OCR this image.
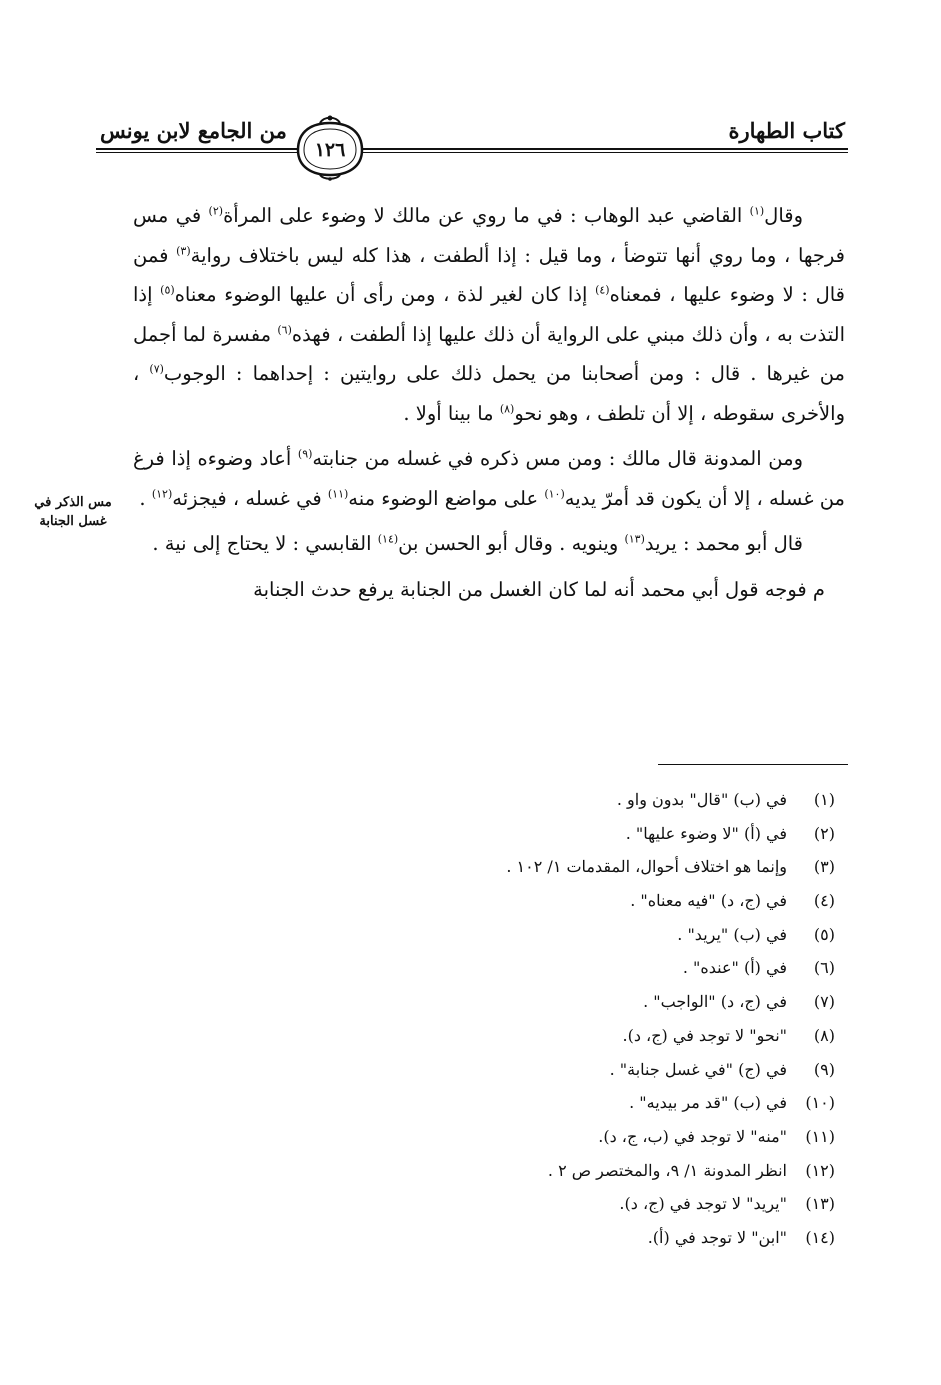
كتاب الطهارة
من الجامع لابن يونس
١٢٦

وقال$^{(١)}$ القاضي عبد الوهاب : في ما روي عن مالك لا وضوء على المرأة$^{(٢)}$ في مس فرجها ، وما روي أنها تتوضأ ، وما قيل : إذا ألطفت ، هذا كله ليس باختلاف رواية$^{(٣)}$ فمن قال : لا وضوء عليها ، فمعناه$^{(٤)}$ إذا كان لغير لذة ، ومن رأى أن عليها الوضوء معناه$^{(٥)}$ إذا التذت به ، وأن ذلك مبني على الرواية أن ذلك عليها إذا ألطفت ، فهذه$^{(٦)}$ مفسرة لما أجمل من غيرها . قال : ومن أصحابنا من يحمل ذلك على روايتين : إحداهما : الوجوب$^{(٧)}$ ، والأخرى سقوطه ، إلا أن تلطف ، وهو نحو$^{(٨)}$ ما بينا أولا .

ومن المدونة قال مالك : ومن مس ذكره في غسله من جنابته$^{(٩)}$ أعاد وضوءه إذا فرغ من غسله ، إلا أن يكون قد أمرّ يديه$^{(١٠)}$ على مواضع الوضوء منه$^{(١١)}$ في غسله ، فيجزئه$^{(١٢)}$ .

قال أبو محمد : يريد$^{(١٣)}$ وينويه . وقال أبو الحسن بن$^{(١٤)}$ القابسي : لا يحتاج إلى نية .

م فوجه قول أبي محمد أنه لما كان الغسل من الجنابة يرفع حدث الجنابة

مس الذكر في غسل الجنابة
(١)في (ب) "قال" بدون واو .
(٢)في (أ) "لا وضوء عليها" .
(٣)وإنما هو اختلاف أحوال، المقدمات ١/ ١٠٢ .
(٤)في (ج، د) "فيه معناه" .
(٥)في (ب) "يريد" .
(٦)في (أ) "عنده" .
(٧)في (ج، د) "الواجب" .
(٨)"نحو" لا توجد في (ج، د).
(٩)في (ج) "في غسل جنابة" .
(١٠)في (ب) "قد مر بيديه" .
(١١)"منه" لا توجد في (ب، ج، د).
(١٢)انظر المدونة ١/ ٩، والمختصر ص ٢ .
(١٣)"يريد" لا توجد في (ج، د).
(١٤)"ابن" لا توجد في (أ).
